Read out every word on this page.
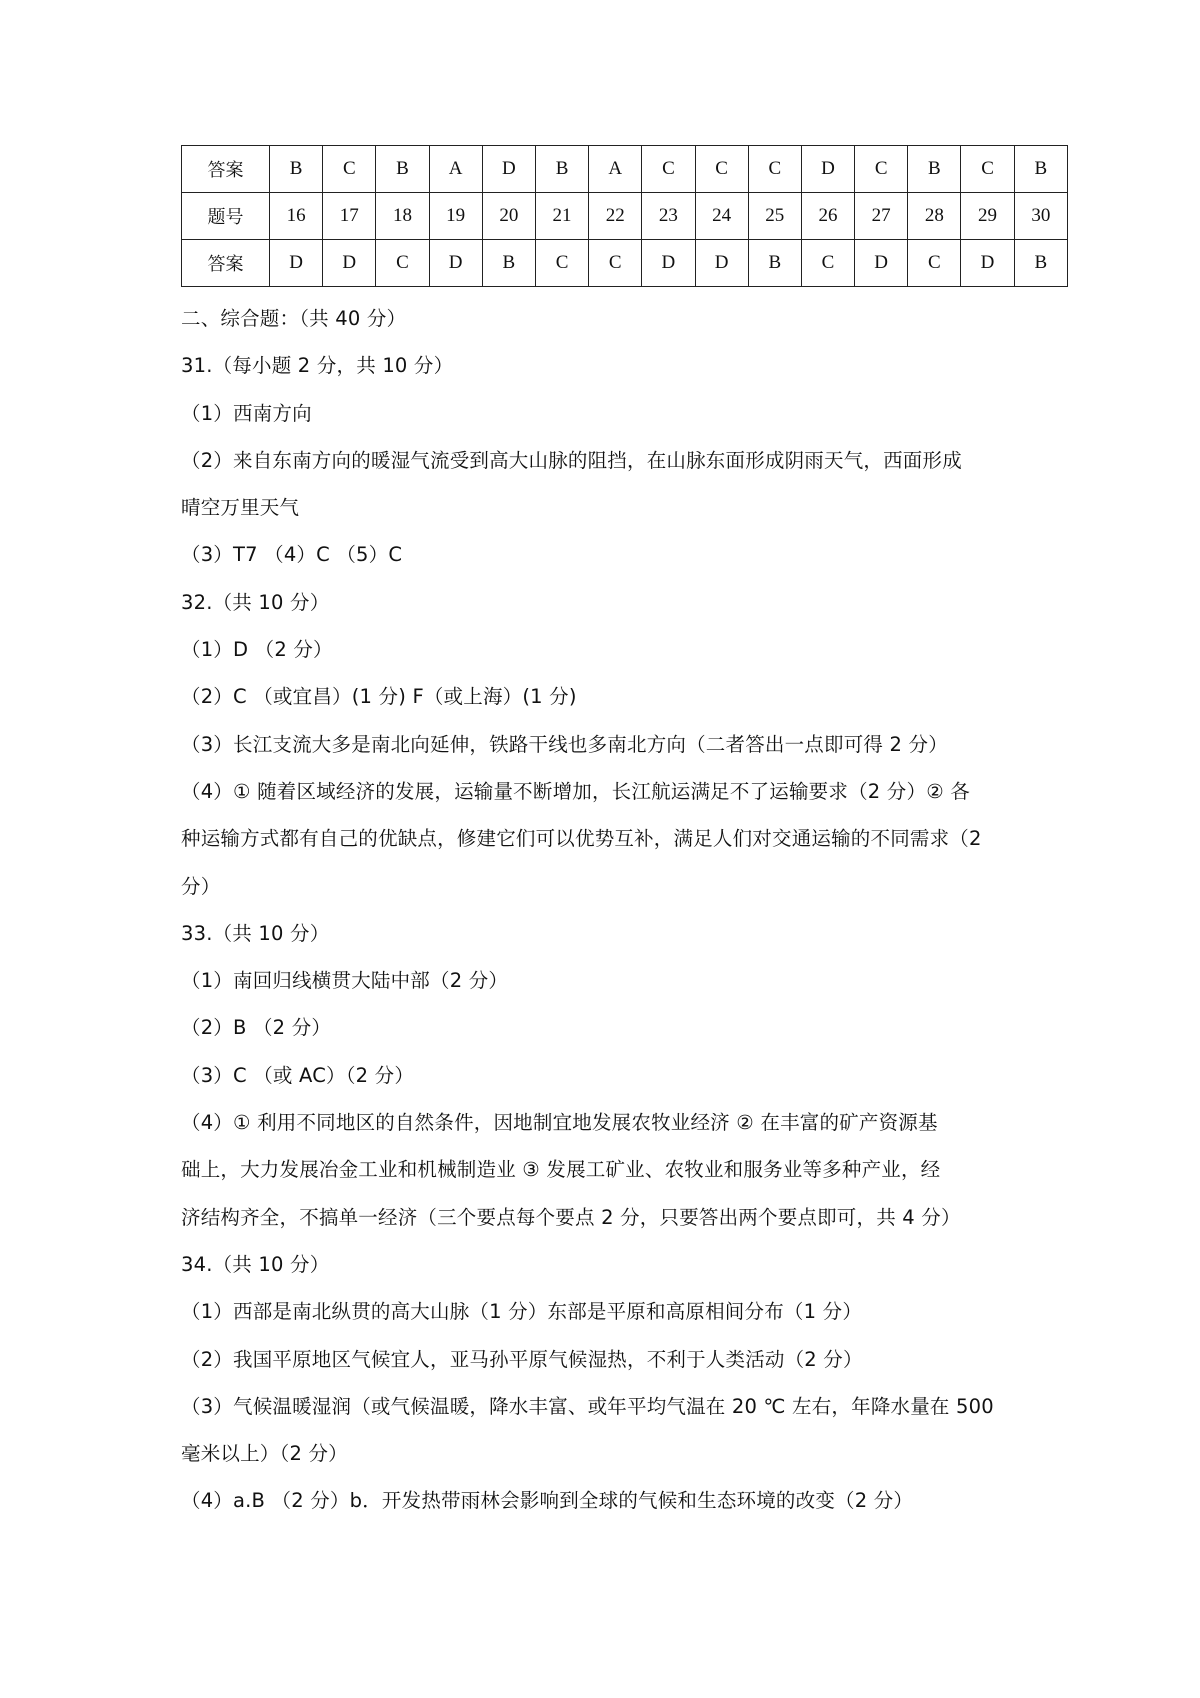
答案	B	C	B	A	D	B	A	C	C	C	D	C	B	C	B
题号	16	17	18	19	20	21	22	23	24	25	26	27	28	29	30
答案	D	D	C	D	B	C	C	D	D	B	C	D	C	D	B
二、综合题：（共 40 分）
31.（每小题 2 分，共 10 分）
（1）西南方向
（2）来自东南方向的暖湿气流受到高大山脉的阻挡，在山脉东面形成阴雨天气，西面形成
晴空万里天气
（3）T7 （4）C （5）C
32.（共 10 分）
（1）D （2 分）
（2）C （或宜昌）(1 分) F（或上海）(1 分)
（3）长江支流大多是南北向延伸，铁路干线也多南北方向（二者答出一点即可得 2 分）
（4）① 随着区域经济的发展，运输量不断增加，长江航运满足不了运输要求（2 分）② 各
种运输方式都有自己的优缺点，修建它们可以优势互补，满足人们对交通运输的不同需求（2
分）
33.（共 10 分）
（1）南回归线横贯大陆中部（2 分）
（2）B （2 分）
（3）C （或 AC）（2 分）
（4）① 利用不同地区的自然条件，因地制宜地发展农牧业经济 ② 在丰富的矿产资源基
础上，大力发展冶金工业和机械制造业 ③ 发展工矿业、农牧业和服务业等多种产业，经
济结构齐全，不搞单一经济（三个要点每个要点 2 分，只要答出两个要点即可，共 4 分）
34.（共 10 分）
（1）西部是南北纵贯的高大山脉（1 分）东部是平原和高原相间分布（1 分）
（2）我国平原地区气候宜人，亚马孙平原气候湿热，不利于人类活动（2 分）
（3）气候温暖湿润（或气候温暖，降水丰富、或年平均气温在 20 ℃ 左右，年降水量在 500
毫米以上）（2 分）
（4）a.B （2 分）b．开发热带雨林会影响到全球的气候和生态环境的改变（2 分）
